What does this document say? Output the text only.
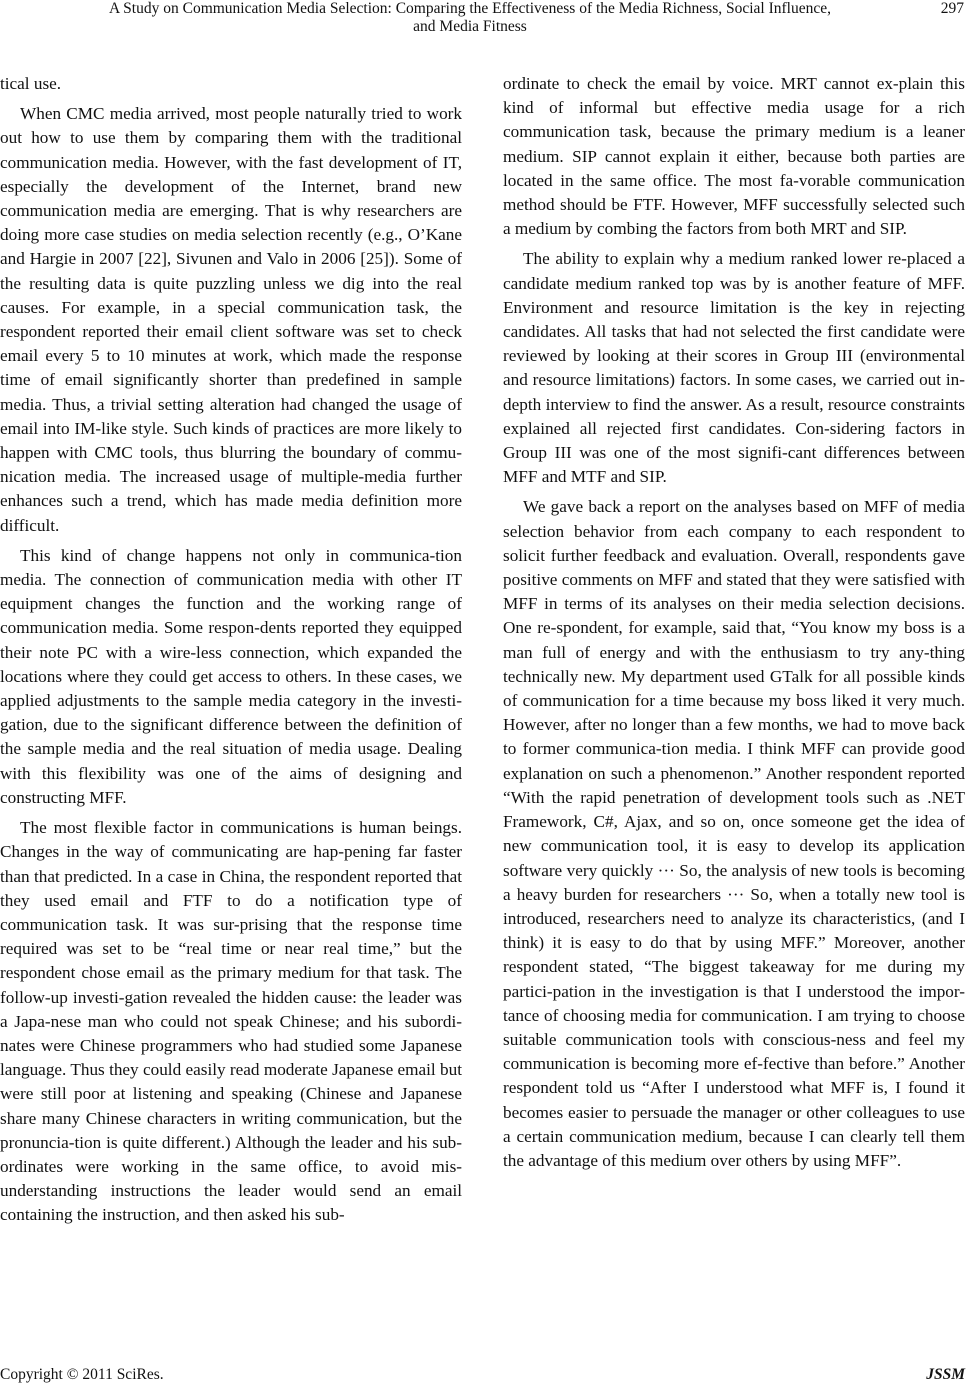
A Study on Communication Media Selection: Comparing the Effectiveness of the Media Richness, Social Influence,
and Media Fitness
297

tical use.

When CMC media arrived, most people naturally tried to work out how to use them by comparing them with the traditional communication media. However, with the fast development of IT, especially the development of the Internet, brand new communication media are emerging. That is why researchers are doing more case studies on media selection recently (e.g., O’Kane and Hargie in 2007 [22], Sivunen and Valo in 2006 [25]). Some of the resulting data is quite puzzling unless we dig into the real causes. For example, in a special communication task, the respondent reported their email client software was set to check email every 5 to 10 minutes at work, which made the response time of email significantly shorter than predefined in sample media. Thus, a trivial setting alteration had changed the usage of email into IM-like style. Such kinds of practices are more likely to happen with CMC tools, thus blurring the boundary of commu-nication media. The increased usage of multiple-media further enhances such a trend, which has made media definition more difficult.

This kind of change happens not only in communica-tion media. The connection of communication media with other IT equipment changes the function and the working range of communication media. Some respon-dents reported they equipped their note PC with a wire-less connection, which expanded the locations where they could get access to others. In these cases, we applied adjustments to the sample media category in the investi-gation, due to the significant difference between the definition of the sample media and the real situation of media usage. Dealing with this flexibility was one of the aims of designing and constructing MFF.

The most flexible factor in communications is human beings. Changes in the way of communicating are hap-pening far faster than that predicted. In a case in China, the respondent reported that they used email and FTF to do a notification type of communication task. It was sur-prising that the response time required was set to be “real time or near real time,” but the respondent chose email as the primary medium for that task. The follow-up investi-gation revealed the hidden cause: the leader was a Japa-nese man who could not speak Chinese; and his subordi-nates were Chinese programmers who had studied some Japanese language. Thus they could easily read moderate Japanese email but were still poor at listening and speaking (Chinese and Japanese share many Chinese characters in writing communication, but the pronuncia-tion is quite different.) Although the leader and his sub-ordinates were working in the same office, to avoid mis-understanding instructions the leader would send an email containing the instruction, and then asked his sub-

ordinate to check the email by voice. MRT cannot ex-plain this kind of informal but effective media usage for a rich communication task, because the primary medium is a leaner medium. SIP cannot explain it either, because both parties are located in the same office. The most fa-vorable communication method should be FTF. However, MFF successfully selected such a medium by combing the factors from both MRT and SIP.

The ability to explain why a medium ranked lower re-placed a candidate medium ranked top was by is another feature of MFF. Environment and resource limitation is the key in rejecting candidates. All tasks that had not selected the first candidate were reviewed by looking at their scores in Group III (environmental and resource limitations) factors. In some cases, we carried out in-depth interview to find the answer. As a result, resource constraints explained all rejected first candidates. Con-sidering factors in Group III was one of the most signifi-cant differences between MFF and MTF and SIP.

We gave back a report on the analyses based on MFF of media selection behavior from each company to each respondent to solicit further feedback and evaluation. Overall, respondents gave positive comments on MFF and stated that they were satisfied with MFF in terms of its analyses on their media selection decisions. One re-spondent, for example, said that, “You know my boss is a man full of energy and with the enthusiasm to try any-thing technically new. My department used GTalk for all possible kinds of communication for a time because my boss liked it very much. However, after no longer than a few months, we had to move back to former communica-tion media. I think MFF can provide good explanation on such a phenomenon.” Another respondent reported “With the rapid penetration of development tools such as .NET Framework, C#, Ajax, and so on, once someone get the idea of new communication tool, it is easy to develop its application software very quickly ··· So, the analysis of new tools is becoming a heavy burden for researchers ··· So, when a totally new tool is introduced, researchers need to analyze its characteristics, (and I think) it is easy to do that by using MFF.” Moreover, another respondent stated, “The biggest takeaway for me during my partici-pation in the investigation is that I understood the impor-tance of choosing media for communication. I am trying to choose suitable communication tools with conscious-ness and feel my communication is becoming more ef-fective than before.” Another respondent told us “After I understood what MFF is, I found it becomes easier to persuade the manager or other colleagues to use a certain communication medium, because I can clearly tell them the advantage of this medium over others by using MFF”.

Copyright © 2011 SciRes.	JSSM
